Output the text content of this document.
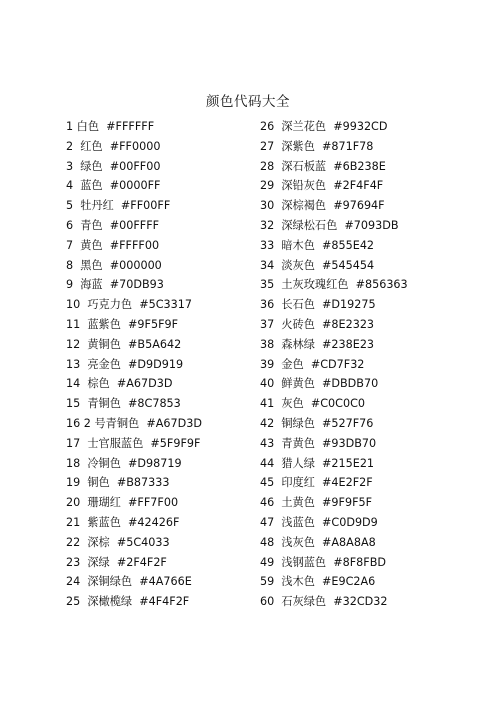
颜色代码大全
1 白色  #FFFFFF
2  红色  #FF0000
3  绿色  #00FF00
4  蓝色  #0000FF
5  牡丹红  #FF00FF
6  青色  #00FFFF
7  黄色  #FFFF00
8  黑色  #000000
9  海蓝  #70DB93
10  巧克力色  #5C3317
11  蓝紫色  #9F5F9F
12  黄铜色  #B5A642
13  亮金色  #D9D919
14  棕色  #A67D3D
15  青铜色  #8C7853
16 2 号青铜色  #A67D3D
17  士官服蓝色  #5F9F9F
18  冷铜色  #D98719
19  铜色  #B87333
20  珊瑚红  #FF7F00
21  紫蓝色  #42426F
22  深棕  #5C4033
23  深绿  #2F4F2F
24  深铜绿色  #4A766E
25  深橄榄绿  #4F4F2F
26  深兰花色  #9932CD
27  深紫色  #871F78
28  深石板蓝  #6B238E
29  深铅灰色  #2F4F4F
30  深棕褐色  #97694F
32  深绿松石色  #7093DB
33  暗木色  #855E42
34  淡灰色  #545454
35  土灰玫瑰红色  #856363
36  长石色  #D19275
37  火砖色  #8E2323
38  森林绿  #238E23
39  金色  #CD7F32
40  鲜黄色  #DBDB70
41  灰色  #C0C0C0
42  铜绿色  #527F76
43  青黄色  #93DB70
44  猎人绿  #215E21
45  印度红  #4E2F2F
46  土黄色  #9F9F5F
47  浅蓝色  #C0D9D9
48  浅灰色  #A8A8A8
49  浅钢蓝色  #8F8FBD
59  浅木色  #E9C2A6
60  石灰绿色  #32CD32
